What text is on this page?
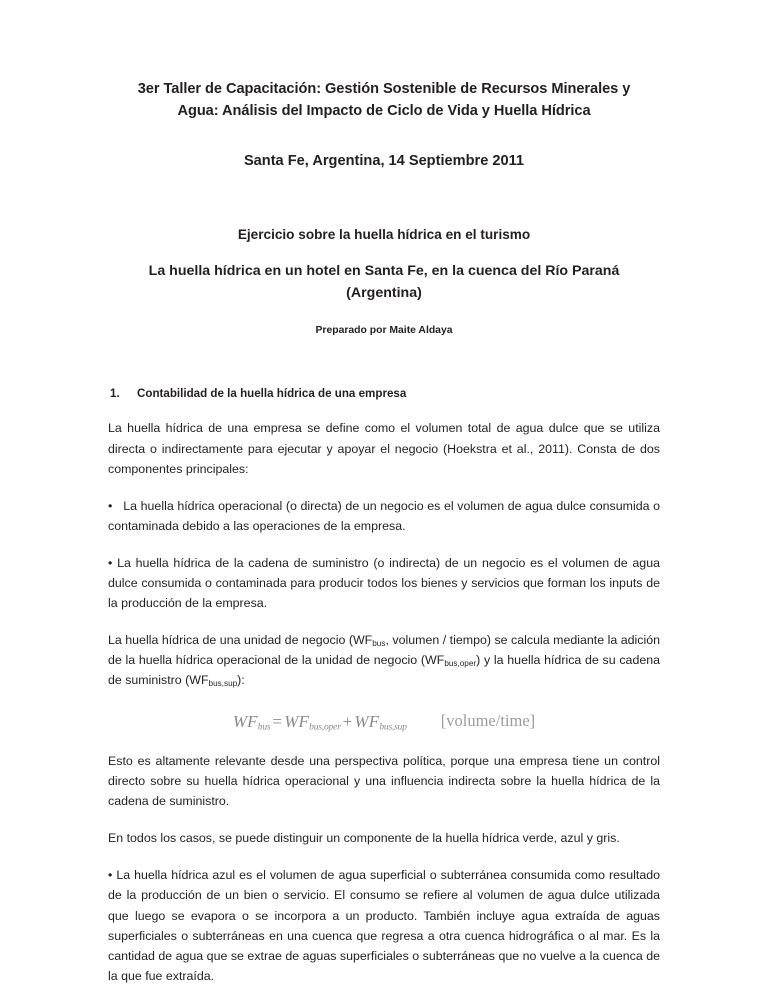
3er Taller de Capacitación: Gestión Sostenible de Recursos Minerales y
Agua: Análisis del Impacto de Ciclo de Vida y Huella Hídrica

Santa Fe, Argentina, 14 Septiembre 2011

Ejercicio sobre la huella hídrica en el turismo

La huella hídrica en un hotel en Santa Fe, en la cuenca del Río Paraná
(Argentina)

Preparado por Maite Aldaya

1.	Contabilidad de la huella hídrica de una empresa

La huella hídrica de una empresa se define como el volumen total de agua dulce que se utiliza directa o indirectamente para ejecutar y apoyar el negocio (Hoekstra et al., 2011). Consta de dos componentes principales:

• La huella hídrica operacional (o directa) de un negocio es el volumen de agua dulce consumida o contaminada debido a las operaciones de la empresa.

• La huella hídrica de la cadena de suministro (o indirecta) de un negocio es el volumen de agua dulce consumida o contaminada para producir todos los bienes y servicios que forman los inputs de la producción de la empresa.

La huella hídrica de una unidad de negocio ($WF_{bus}$, volumen / tiempo) se calcula mediante la adición de la huella hídrica operacional de la unidad de negocio $(WF_{bus,oper})$ y la huella hídrica de su cadena de suministro $(WF_{bus,sup})$:

$WF_{bus} = WF_{bus,oper} + WF_{bus,sup}$ [volume/time]

Esto es altamente relevante desde una perspectiva política, porque una empresa tiene un control directo sobre su huella hídrica operacional y una influencia indirecta sobre la huella hídrica de la cadena de suministro.

En todos los casos, se puede distinguir un componente de la huella hídrica verde, azul y gris.

• La huella hídrica azul es el volumen de agua superficial o subterránea consumida como resultado de la producción de un bien o servicio. El consumo se refiere al volumen de agua dulce utilizada que luego se evapora o se incorpora a un producto. También incluye agua extraída de aguas superficiales o subterráneas en una cuenca que regresa a otra cuenca hidrográfica o al mar. Es la cantidad de agua que se extrae de aguas superficiales o subterráneas que no vuelve a la cuenca de la que fue extraída.
